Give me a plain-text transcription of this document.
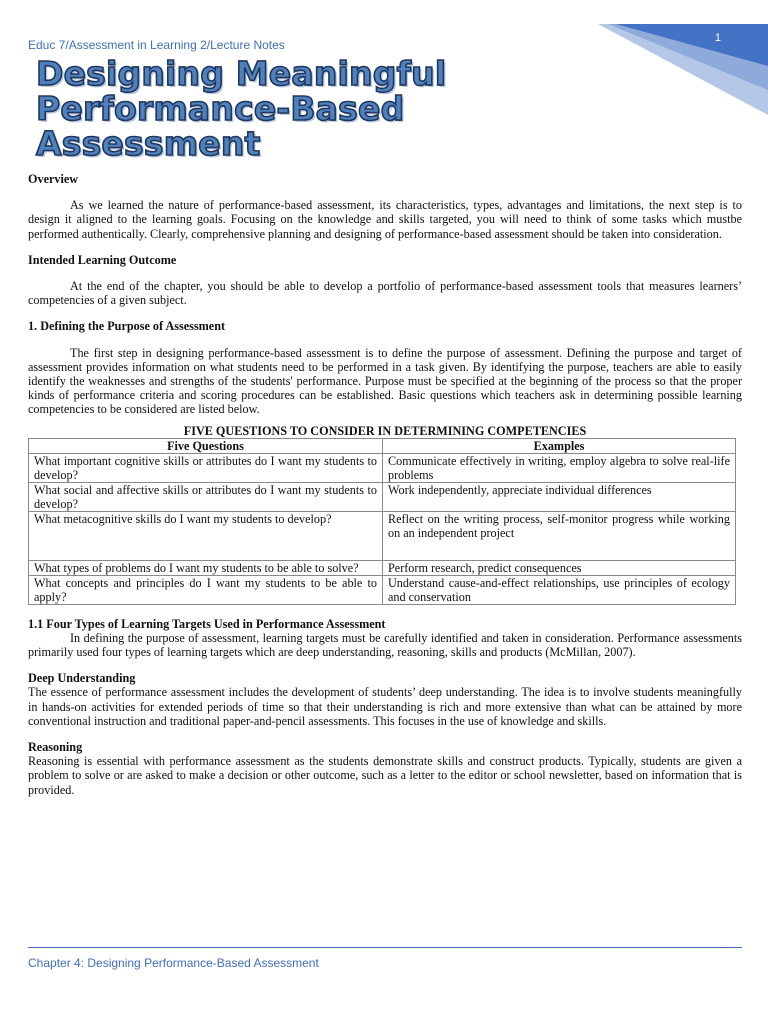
Educ 7/Assessment in Learning 2/Lecture Notes	1
Designing Meaningful
Performance-Based
Assessment

Overview

As we learned the nature of performance-based assessment, its characteristics, types, advantages and limitations, the next step is to design it aligned to the learning goals. Focusing on the knowledge and skills targeted, you will need to think of some tasks which mustbe performed authentically. Clearly, comprehensive planning and designing of performance-based assessment should be taken into consideration.

Intended Learning Outcome

At the end of the chapter, you should be able to develop a portfolio of performance-based assessment tools that measures learners’ competencies of a given subject.

1. Defining the Purpose of Assessment

The first step in designing performance-based assessment is to define the purpose of assessment. Defining the purpose and target of assessment provides information on what students need to be performed in a task given. By identifying the purpose, teachers are able to easily identify the weaknesses and strengths of the students' performance. Purpose must be specified at the beginning of the process so that the proper kinds of performance criteria and scoring procedures can be established. Basic questions which teachers ask in determining possible learning competencies to be considered are listed below.

FIVE QUESTIONS TO CONSIDER IN DETERMINING COMPETENCIES

Five Questions	Examples
What important cognitive skills or attributes do I want my students to develop?	Communicate effectively in writing, employ algebra to solve real-life problems
What social and affective skills or attributes do I want my students to develop?	Work independently, appreciate individual differences
What metacognitive skills do I want my students to develop?	Reflect on the writing process, self-monitor progress while working on an independent project
What types of problems do I want my students to be able to solve?	Perform research, predict consequences
What concepts and principles do I want my students to be able to apply?	Understand cause-and-effect relationships, use principles of ecology and conservation

1.1 Four Types of Learning Targets Used in Performance Assessment

In defining the purpose of assessment, learning targets must be carefully identified and taken in consideration. Performance assessments primarily used four types of learning targets which are deep understanding, reasoning, skills and products (McMillan, 2007).

Deep Understanding

The essence of performance assessment includes the development of students’ deep understanding. The idea is to involve students meaningfully in hands-on activities for extended periods of time so that their understanding is rich and more extensive than what can be attained by more conventional instruction and traditional paper-and-pencil assessments. This focuses in the use of knowledge and skills.

Reasoning

Reasoning is essential with performance assessment as the students demonstrate skills and construct products. Typically, students are given a problem to solve or are asked to make a decision or other outcome, such as a letter to the editor or school newsletter, based on information that is provided.

Chapter 4: Designing Performance-Based Assessment
